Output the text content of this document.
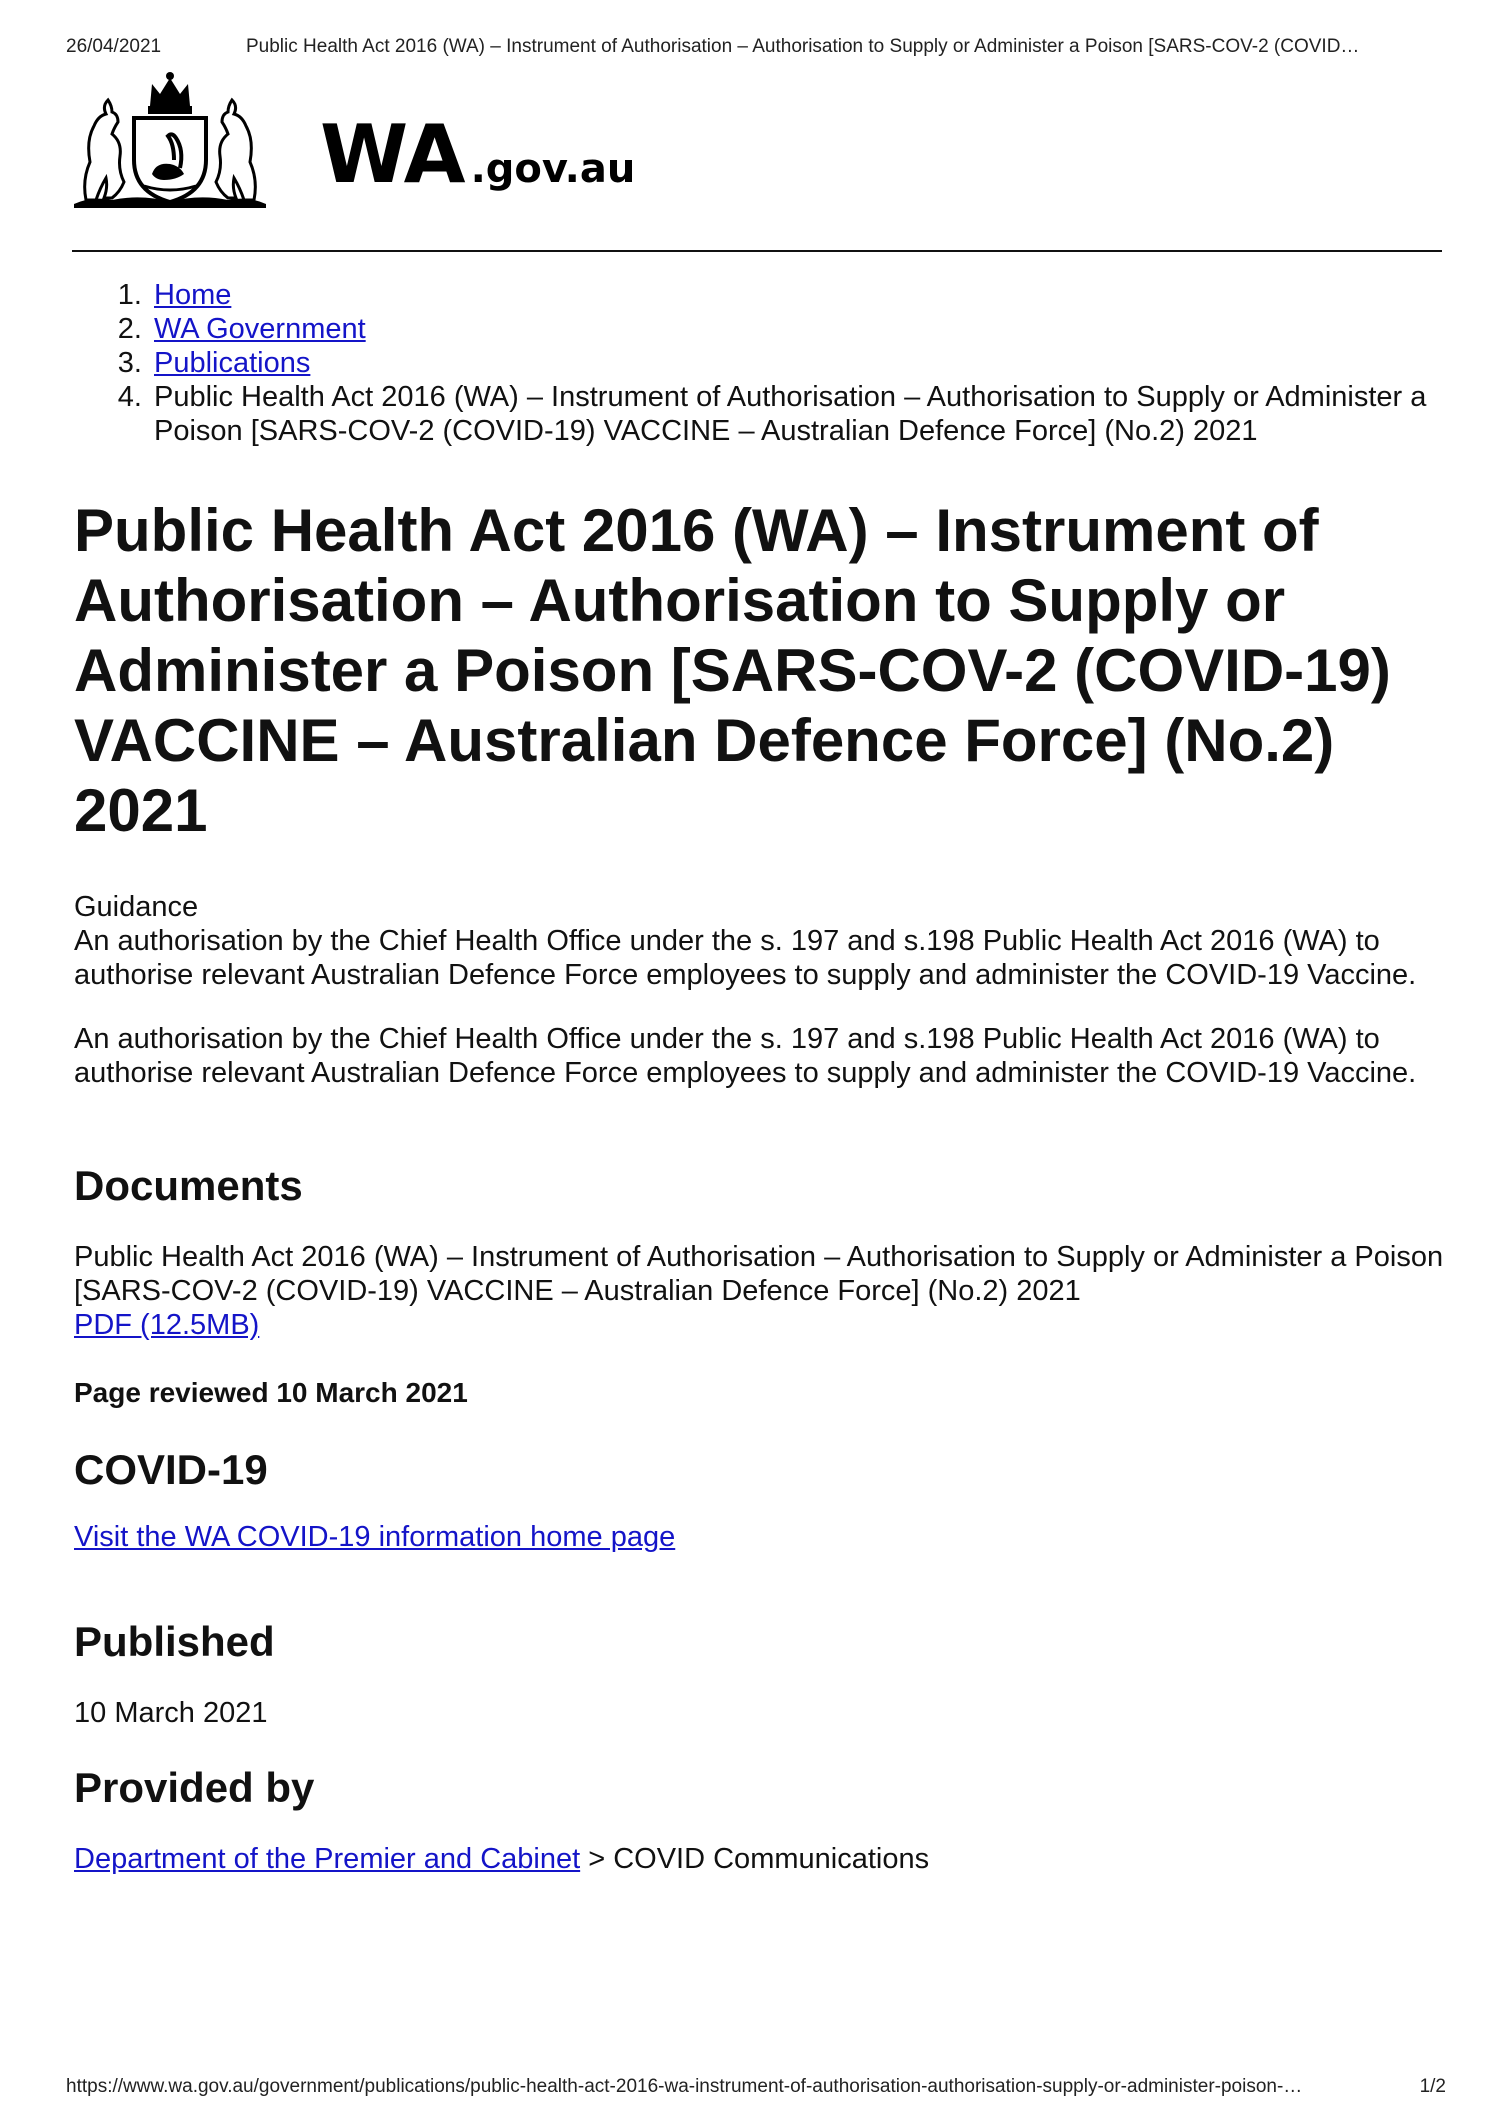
26/04/2021	Public Health Act 2016 (WA) – Instrument of Authorisation – Authorisation to Supply or Administer a Poison [SARS-COV-2 (COVID…
WA .gov.au
1. Home
2. WA Government
3. Publications
4. Public Health Act 2016 (WA) – Instrument of Authorisation – Authorisation to Supply or Administer a Poison [SARS-COV-2 (COVID-19) VACCINE – Australian Defence Force] (No.2) 2021
Public Health Act 2016 (WA) – Instrument of Authorisation – Authorisation to Supply or Administer a Poison [SARS-COV-2 (COVID-19) VACCINE – Australian Defence Force] (No.2) 2021

Guidance

An authorisation by the Chief Health Office under the s. 197 and s.198 Public Health Act 2016 (WA) to authorise relevant Australian Defence Force employees to supply and administer the COVID-19 Vaccine.

An authorisation by the Chief Health Office under the s. 197 and s.198 Public Health Act 2016 (WA) to authorise relevant Australian Defence Force employees to supply and administer the COVID-19 Vaccine.

Documents

Public Health Act 2016 (WA) – Instrument of Authorisation – Authorisation to Supply or Administer a Poison [SARS-COV-2 (COVID-19) VACCINE – Australian Defence Force] (No.2) 2021

PDF (12.5MB)

Page reviewed 10 March 2021

COVID-19

Visit the WA COVID-19 information home page

Published

10 March 2021

Provided by

Department of the Premier and Cabinet > COVID Communications

https://www.wa.gov.au/government/publications/public-health-act-2016-wa-instrument-of-authorisation-authorisation-supply-or-administer-poison-…	1/2
